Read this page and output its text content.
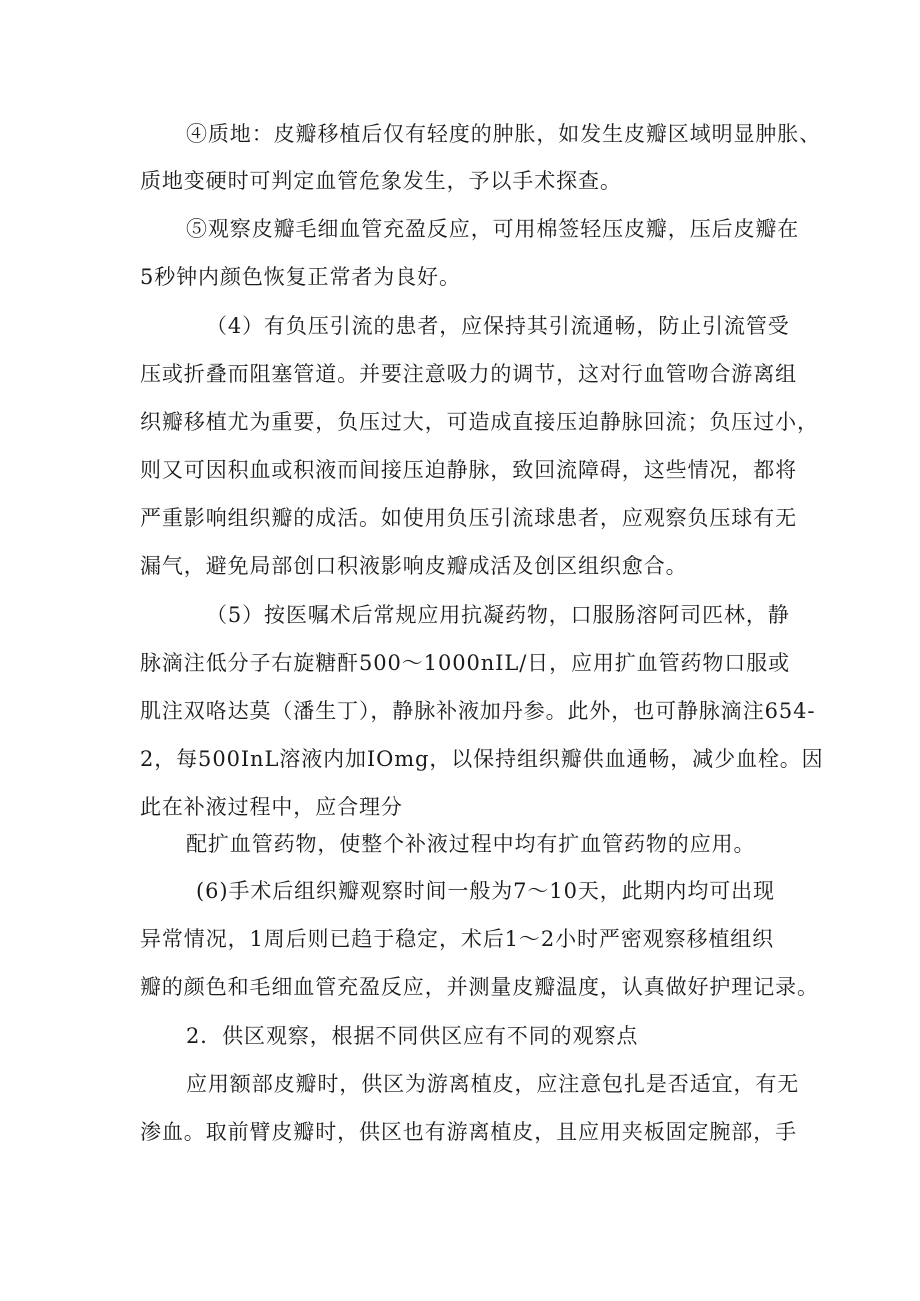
④质地：皮瓣移植后仅有轻度的肿胀，如发生皮瓣区域明显肿胀、

质地变硬时可判定血管危象发生，予以手术探查。

⑤观察皮瓣毛细血管充盈反应，可用棉签轻压皮瓣，压后皮瓣在

5秒钟内颜色恢复正常者为良好。

（4）有负压引流的患者，应保持其引流通畅，防止引流管受

压或折叠而阻塞管道。并要注意吸力的调节，这对行血管吻合游离组

织瓣移植尤为重要，负压过大，可造成直接压迫静脉回流；负压过小，

则又可因积血或积液而间接压迫静脉，致回流障碍，这些情况，都将

严重影响组织瓣的成活。如使用负压引流球患者，应观察负压球有无

漏气，避免局部创口积液影响皮瓣成活及创区组织愈合。

（5）按医嘱术后常规应用抗凝药物，口服肠溶阿司匹林，静

脉滴注低分子右旋糖酐500～1000nIL/日，应用扩血管药物口服或

肌注双咯达莫（潘生丁），静脉补液加丹参。此外，也可静脉滴注654-

2，每500InL溶液内加IOmg，以保持组织瓣供血通畅，减少血栓。因

此在补液过程中，应合理分

配扩血管药物，使整个补液过程中均有扩血管药物的应用。

(6)手术后组织瓣观察时间一般为7～10天，此期内均可出现

异常情况，1周后则已趋于稳定，术后1～2小时严密观察移植组织

瓣的颜色和毛细血管充盈反应，并测量皮瓣温度，认真做好护理记录。

2．供区观察，根据不同供区应有不同的观察点

应用额部皮瓣时，供区为游离植皮，应注意包扎是否适宜，有无

渗血。取前臂皮瓣时，供区也有游离植皮，且应用夹板固定腕部，手
